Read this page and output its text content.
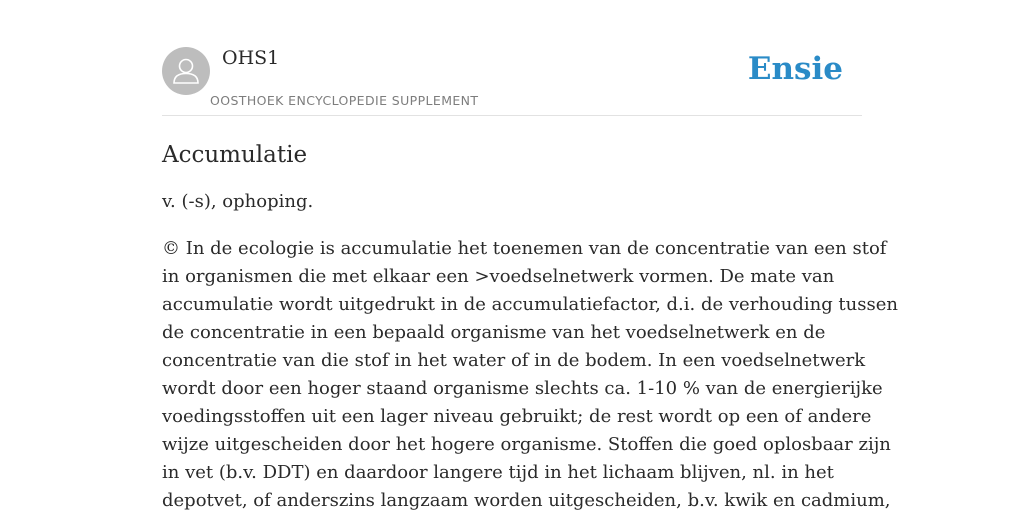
OHS1
OOSTHOEK ENCYCLOPEDIE SUPPLEMENT
Ensie
Accumulatie

v. (-s), ophoping.

© In de ecologie is accumulatie het toenemen van de concentratie van een stof
in organismen die met elkaar een >voedselnetwerk vormen. De mate van
accumulatie wordt uitgedrukt in de accumulatiefactor, d.i. de verhouding tussen
de concentratie in een bepaald organisme van het voedselnetwerk en de
concentratie van die stof in het water of in de bodem. In een voedselnetwerk
wordt door een hoger staand organisme slechts ca. 1-10 % van de energierijke
voedingsstoffen uit een lager niveau gebruikt; de rest wordt op een of andere
wijze uitgescheiden door het hogere organisme. Stoffen die goed oplosbaar zijn
in vet (b.v. DDT) en daardoor langere tijd in het lichaam blijven, nl. in het
depotvet, of anderszins langzaam worden uitgescheiden, b.v. kwik en cadmium,
